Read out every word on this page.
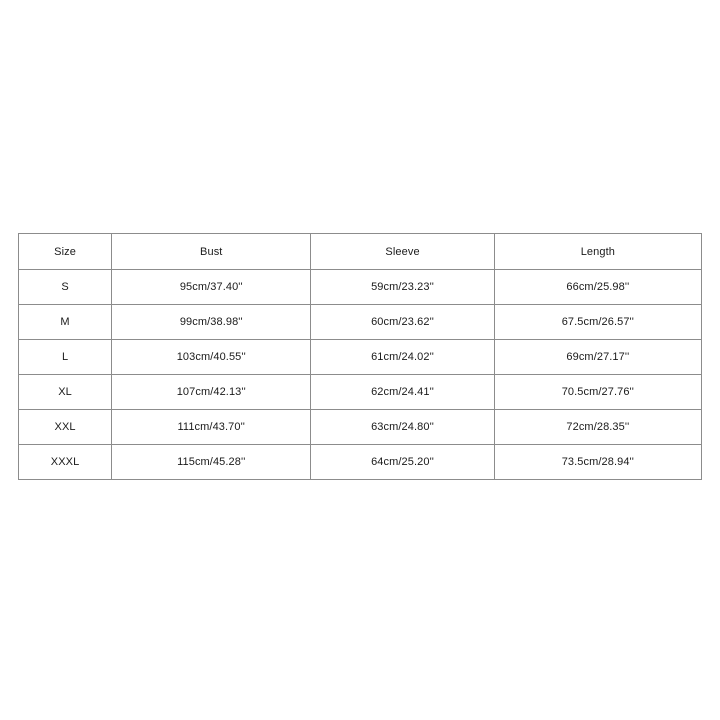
Size	Bust	Sleeve	Length
S	95cm/37.40''	59cm/23.23''	66cm/25.98''
M	99cm/38.98''	60cm/23.62''	67.5cm/26.57''
L	103cm/40.55''	61cm/24.02''	69cm/27.17''
XL	107cm/42.13''	62cm/24.41''	70.5cm/27.76''
XXL	111cm/43.70''	63cm/24.80''	72cm/28.35''
XXXL	115cm/45.28''	64cm/25.20''	73.5cm/28.94''
